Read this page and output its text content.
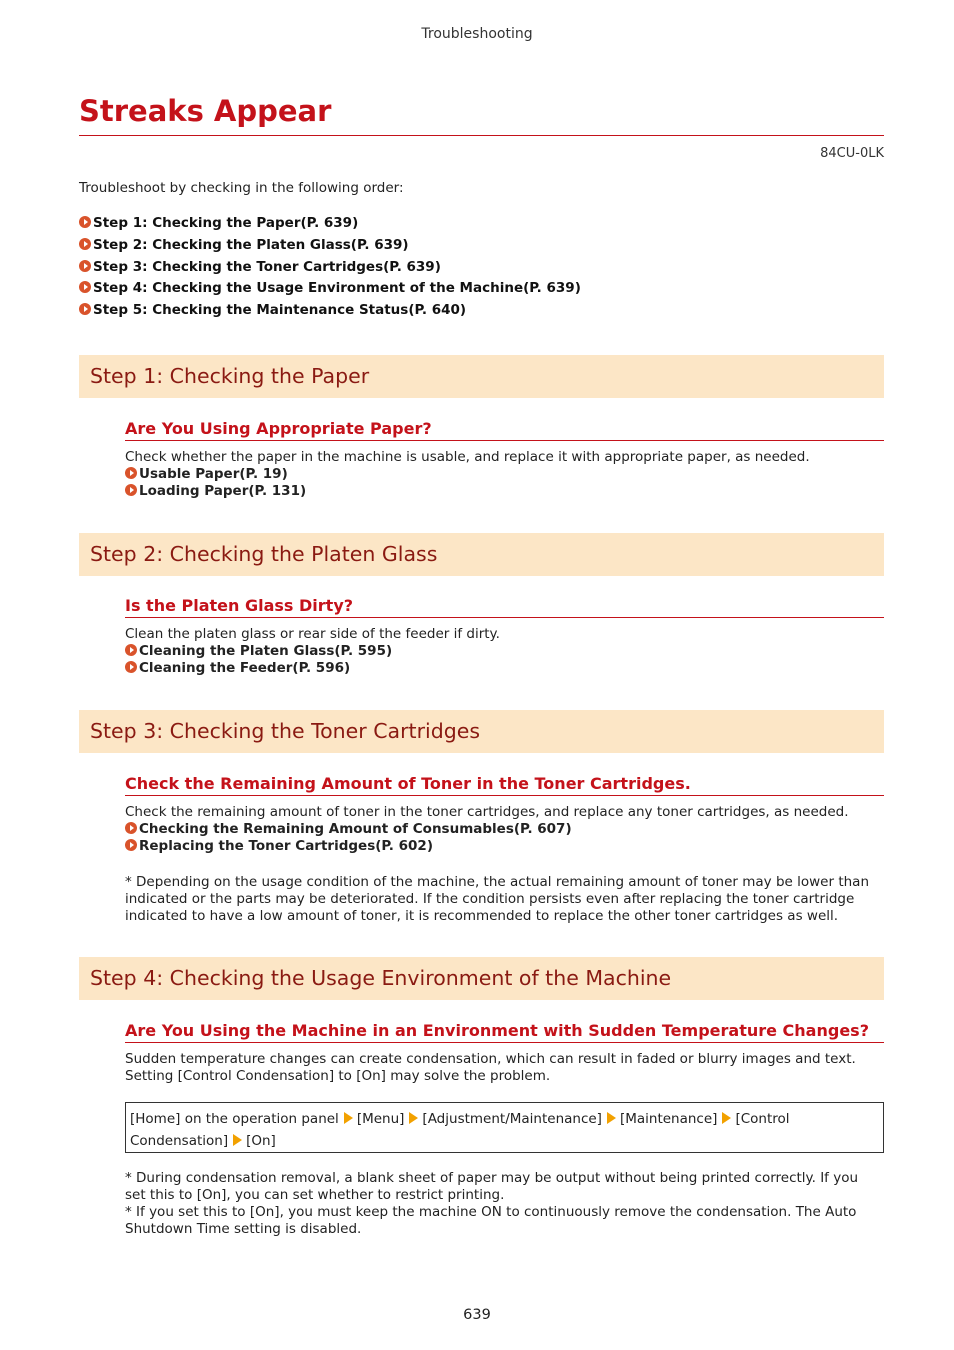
Troubleshooting
Streaks Appear
84CU-0LK
Troubleshoot by checking in the following order:
Step 1: Checking the Paper(P. 639)
Step 2: Checking the Platen Glass(P. 639)
Step 3: Checking the Toner Cartridges(P. 639)
Step 4: Checking the Usage Environment of the Machine(P. 639)
Step 5: Checking the Maintenance Status(P. 640)
Step 1: Checking the Paper
Are You Using Appropriate Paper?
Check whether the paper in the machine is usable, and replace it with appropriate paper, as needed.
Usable Paper(P. 19)
Loading Paper(P. 131)
Step 2: Checking the Platen Glass
Is the Platen Glass Dirty?
Clean the platen glass or rear side of the feeder if dirty.
Cleaning the Platen Glass(P. 595)
Cleaning the Feeder(P. 596)
Step 3: Checking the Toner Cartridges
Check the Remaining Amount of Toner in the Toner Cartridges.
Check the remaining amount of toner in the toner cartridges, and replace any toner cartridges, as needed.
Checking the Remaining Amount of Consumables(P. 607)
Replacing the Toner Cartridges(P. 602)
* Depending on the usage condition of the machine, the actual remaining amount of toner may be lower than indicated or the parts may be deteriorated. If the condition persists even after replacing the toner cartridge indicated to have a low amount of toner, it is recommended to replace the other toner cartridges as well.
Step 4: Checking the Usage Environment of the Machine
Are You Using the Machine in an Environment with Sudden Temperature Changes?
Sudden temperature changes can create condensation, which can result in faded or blurry images and text. Setting [Control Condensation] to [On] may solve the problem.
[Home] on the operation panel [Menu] [Adjustment/Maintenance] [Maintenance] [Control Condensation] [On]
* During condensation removal, a blank sheet of paper may be output without being printed correctly. If you set this to [On], you can set whether to restrict printing.
* If you set this to [On], you must keep the machine ON to continuously remove the condensation. The Auto Shutdown Time setting is disabled.
639
